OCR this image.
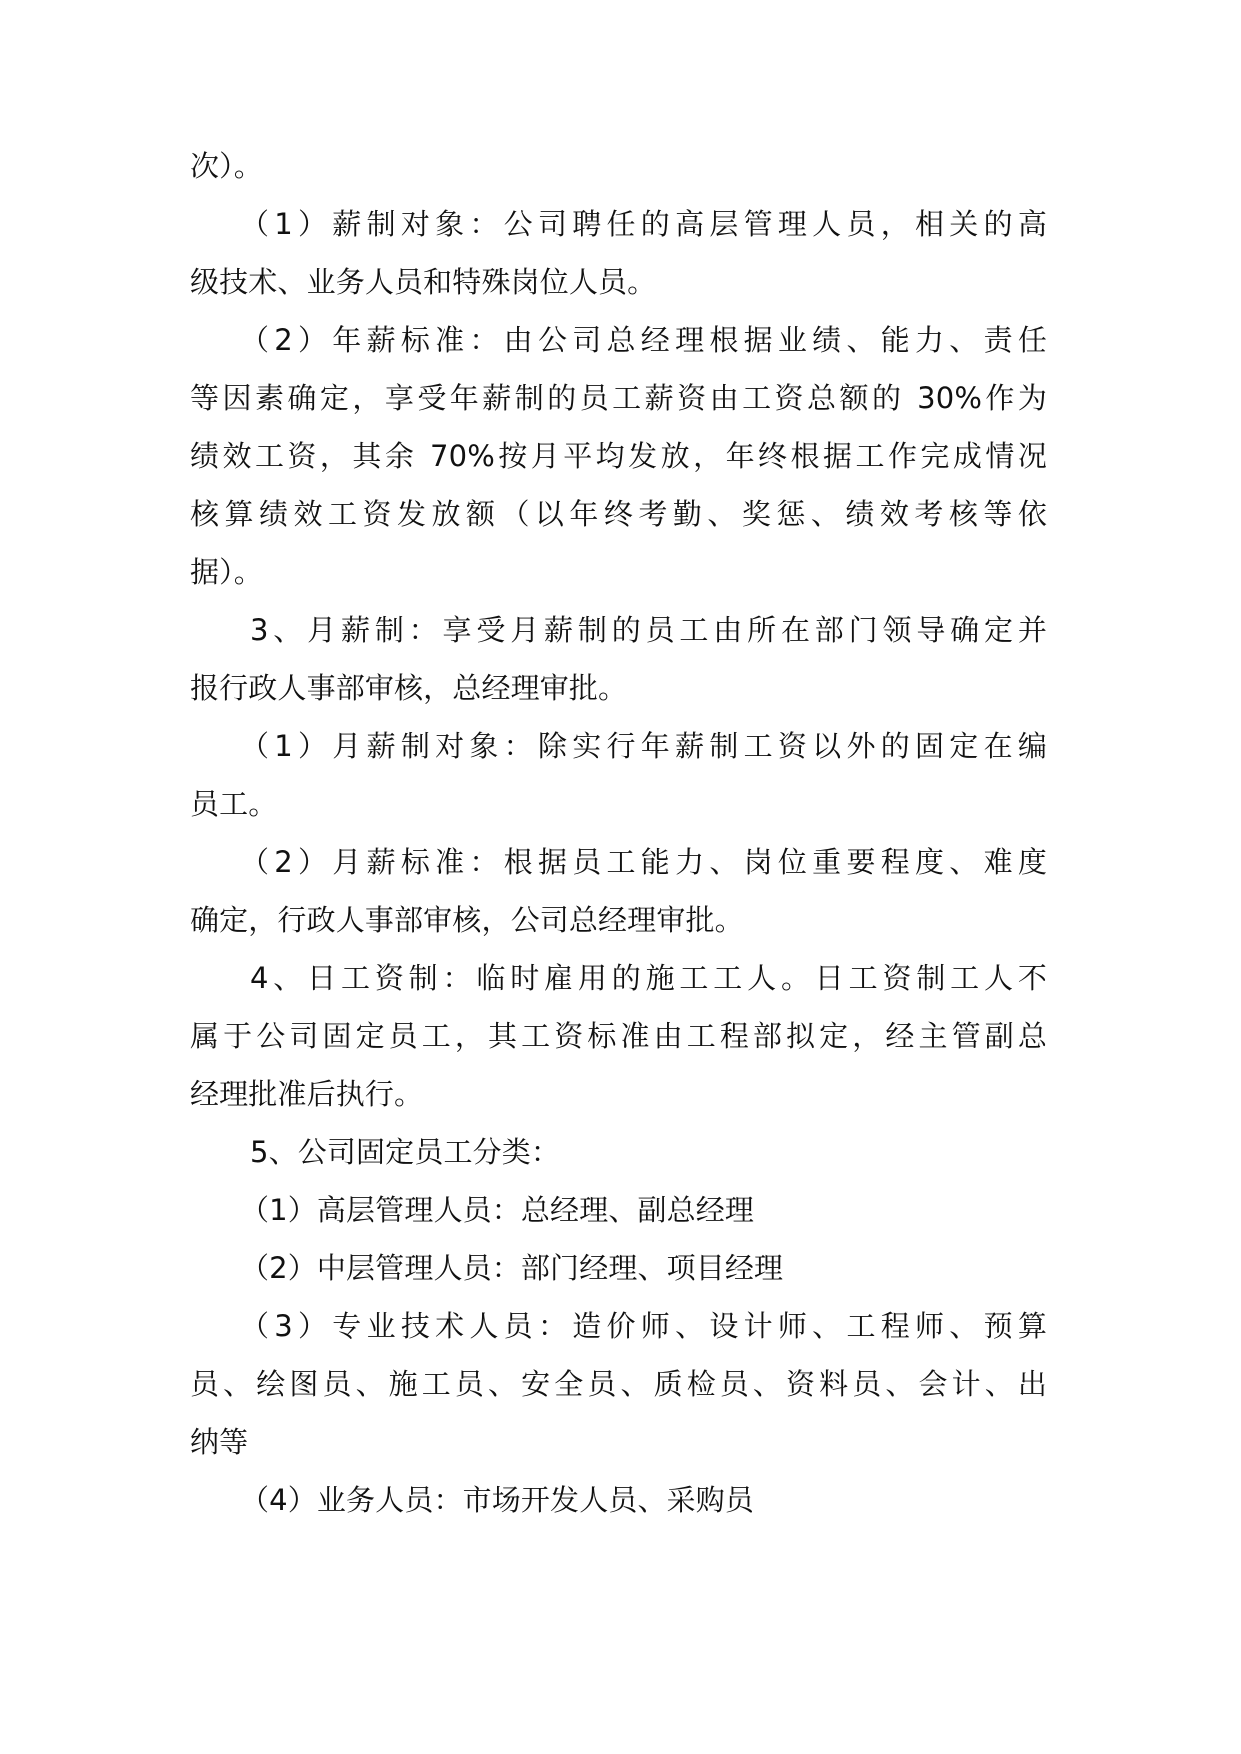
次）。

（1）薪制对象：公司聘任的高层管理人员，相关的高

级技术、业务人员和特殊岗位人员。

（2）年薪标准：由公司总经理根据业绩、能力、责任

等因素确定，享受年薪制的员工薪资由工资总额的 30%作为

绩效工资，其余 70%按月平均发放，年终根据工作完成情况

核算绩效工资发放额（以年终考勤、奖惩、绩效考核等依

据）。

3、月薪制：享受月薪制的员工由所在部门领导确定并

报行政人事部审核，总经理审批。

（1）月薪制对象：除实行年薪制工资以外的固定在编

员工。

（2）月薪标准：根据员工能力、岗位重要程度、难度

确定，行政人事部审核，公司总经理审批。

4、日工资制：临时雇用的施工工人。日工资制工人不

属于公司固定员工，其工资标准由工程部拟定，经主管副总

经理批准后执行。

5、公司固定员工分类：

（1）高层管理人员：总经理、副总经理

（2）中层管理人员：部门经理、项目经理

（3）专业技术人员：造价师、设计师、工程师、预算

员、绘图员、施工员、安全员、质检员、资料员、会计、出

纳等

（4）业务人员：市场开发人员、采购员
